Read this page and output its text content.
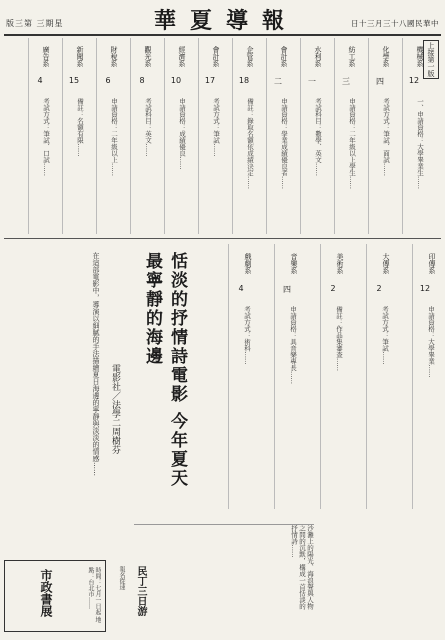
版三第 三期星	華夏導報	日十三月三十八國民華中
上接第一版
機械系
12
一、申請資格：大學畢業生……
化學系
四
考試方式：筆試、面試……
紡工系
三
申請資格：二年級以上學生……
水利系
一
考試科目：數學、英文……
會計系
二
申請資格：學業成績優良者……
企管系
18
備註：錄取名額依成績決定……
會計系
17
考試方式：筆試……
經濟系
10
申請資格：成績優良……
觀光系
8
考試科目：英文……
財稅系
6
申請資格：二年級以上……
新聞系
15
備註：名額有限……
廣告系
4
考試方式：筆試、口試……
在這部電影中，導演以細膩的手法描繪夏日海邊的寧靜與淡淡的情感…… 電影社／法學二周樹芬	恬淡的抒情詩電影 今年夏天最寧靜的海邊
沙灘上的陽光、海浪聲與人物之間的沉默，構成一首恬淡的抒情詩……
印傳系
12
申請資格：大學畢業……
大傳系
2
考試方式：筆試……
美術系
2
備註：作品集審查……
音樂系
四
申請資格：具音樂專長……
戲劇系
4
考試方式：術科……
市政書展	時間：七月一日起 地點：台北市……	民丁三日游
報名從速
